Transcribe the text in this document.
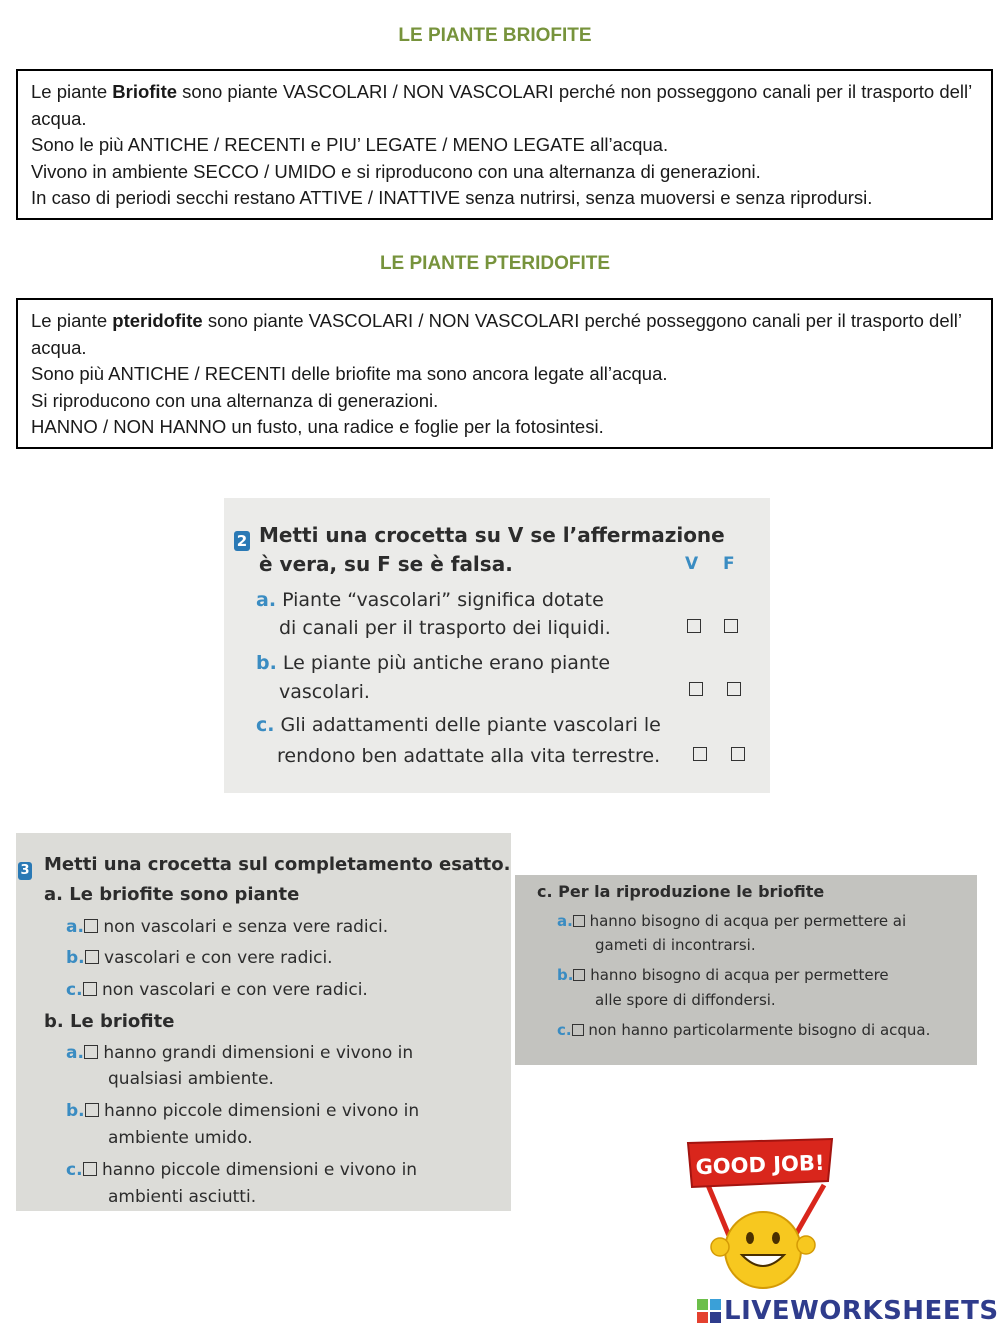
LE PIANTE BRIOFITE

Le piante Briofite sono piante VASCOLARI / NON VASCOLARI perché non posseggono canali per il trasporto dell’ acqua.

Sono le più ANTICHE / RECENTI e PIU’ LEGATE / MENO LEGATE all’acqua.

Vivono in ambiente SECCO / UMIDO e si riproducono con una alternanza di generazioni.

In caso di periodi secchi restano ATTIVE / INATTIVE senza nutrirsi, senza muoversi e senza riprodursi.

LE PIANTE PTERIDOFITE

Le piante pteridofite sono piante VASCOLARI / NON VASCOLARI perché posseggono canali per il trasporto dell’ acqua.

Sono più ANTICHE / RECENTI delle briofite ma sono ancora legate all’acqua.

Si riproducono con una alternanza di generazioni.

HANNO / NON HANNO un fusto, una radice e foglie per la fotosintesi.

2 Metti una crocetta su V se l’affermazione
è vera, su F se è falsa.	V F
a. Piante “vascolari” significa dotate
di canali per il trasporto dei liquidi.
b. Le piante più antiche erano piante
vascolari.
c. Gli adattamenti delle piante vascolari le
rendono ben adattate alla vita terrestre.
3 Metti una crocetta sul completamento esatto.
a. Le briofite sono piante
a. non vascolari e senza vere radici.
b. vascolari e con vere radici.
c. non vascolari e con vere radici.
b. Le briofite
a. hanno grandi dimensioni e vivono in
qualsiasi ambiente.
b. hanno piccole dimensioni e vivono in
ambiente umido.
c. hanno piccole dimensioni e vivono in
ambienti asciutti.
c. Per la riproduzione le briofite
a. hanno bisogno di acqua per permettere ai
gameti di incontrarsi.
b. hanno bisogno di acqua per permettere
alle spore di diffondersi.
c. non hanno particolarmente bisogno di acqua.
GOOD JOB!
LIVEWORKSHEETS
